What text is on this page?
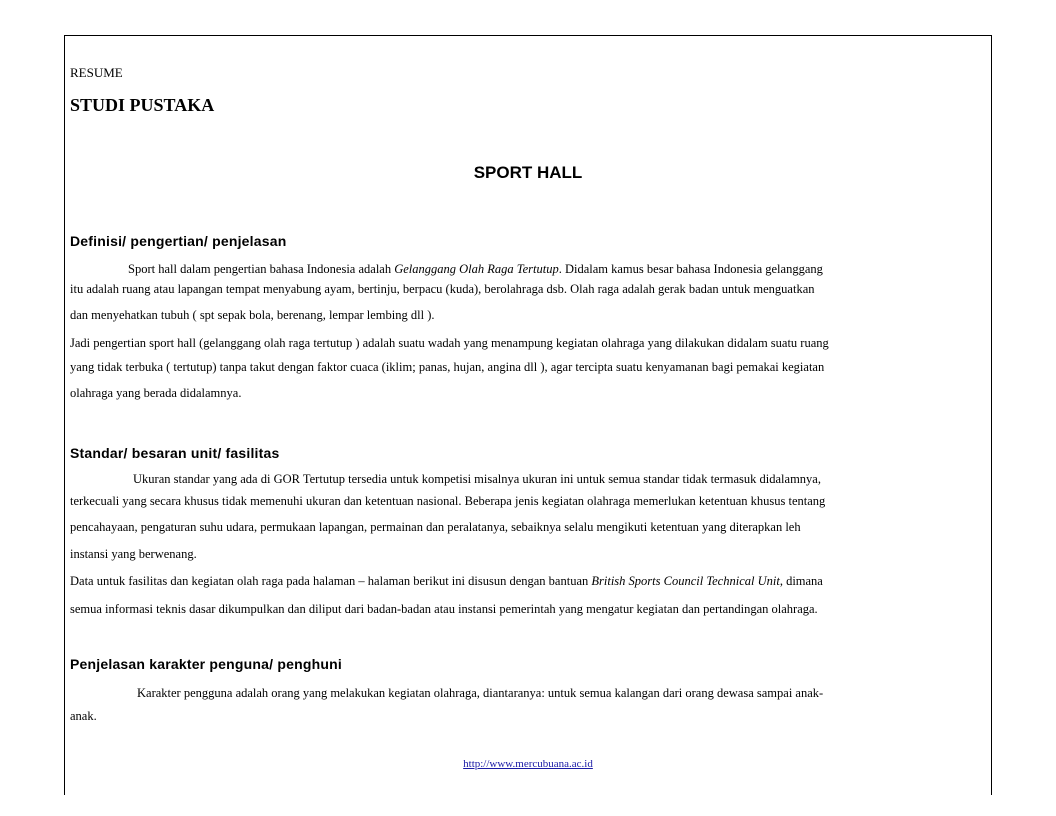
RESUME

STUDI PUSTAKA

SPORT HALL

Definisi/ pengertian/ penjelasan

Sport hall dalam pengertian bahasa Indonesia adalah Gelanggang Olah Raga Tertutup. Didalam kamus besar bahasa Indonesia gelanggang

itu adalah ruang atau lapangan tempat menyabung ayam, bertinju, berpacu (kuda), berolahraga dsb. Olah raga adalah gerak badan untuk menguatkan

dan menyehatkan tubuh ( spt sepak bola, berenang, lempar lembing dll ).

Jadi pengertian sport hall (gelanggang olah raga tertutup ) adalah suatu wadah yang menampung kegiatan olahraga yang dilakukan didalam suatu ruang

yang tidak terbuka ( tertutup) tanpa takut dengan faktor cuaca (iklim; panas, hujan, angina dll ), agar tercipta suatu kenyamanan bagi pemakai kegiatan

olahraga yang berada didalamnya.

Standar/ besaran unit/ fasilitas

Ukuran standar yang ada di GOR Tertutup tersedia untuk kompetisi misalnya ukuran ini untuk semua standar tidak termasuk didalamnya,

terkecuali yang secara khusus tidak memenuhi ukuran dan ketentuan nasional. Beberapa jenis kegiatan olahraga memerlukan ketentuan khusus tentang

pencahayaan, pengaturan suhu udara, permukaan lapangan, permainan dan peralatanya, sebaiknya selalu mengikuti ketentuan yang diterapkan leh

instansi yang berwenang.

Data untuk fasilitas dan kegiatan olah raga pada halaman – halaman berikut ini disusun dengan bantuan British Sports Council Technical Unit, dimana

semua informasi teknis dasar dikumpulkan dan diliput dari badan-badan atau instansi pemerintah yang mengatur kegiatan dan pertandingan olahraga.

Penjelasan karakter penguna/ penghuni

Karakter pengguna adalah orang yang melakukan kegiatan olahraga, diantaranya: untuk semua kalangan dari orang dewasa sampai anak-

anak.

http://www.mercubuana.ac.id
